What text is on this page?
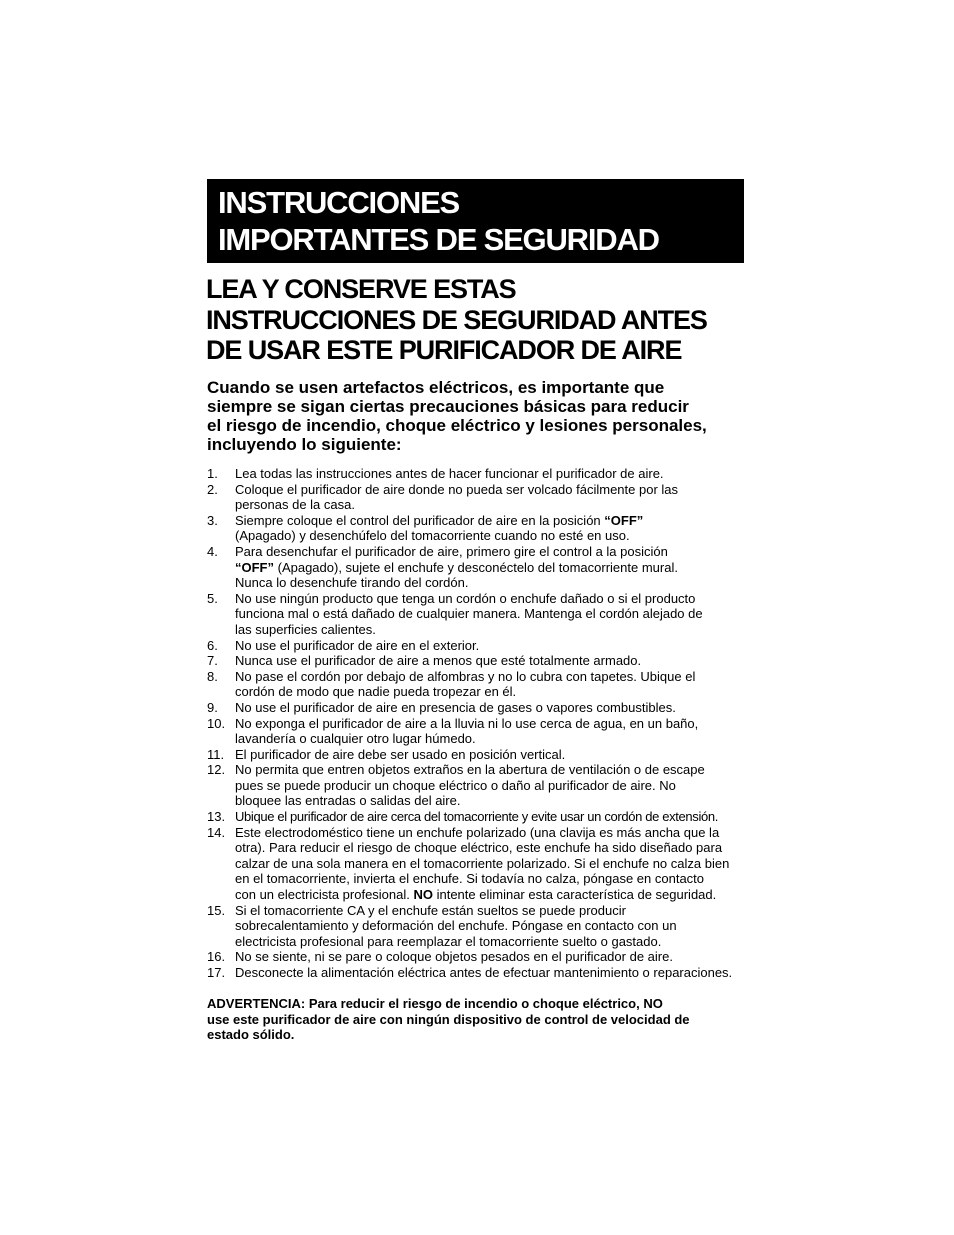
INSTRUCCIONES
IMPORTANTES DE SEGURIDAD
LEA Y CONSERVE ESTAS
INSTRUCCIONES DE SEGURIDAD ANTES
DE USAR ESTE PURIFICADOR DE AIRE
Cuando se usen artefactos eléctricos, es importante que
siempre se sigan ciertas precauciones básicas para reducir
el riesgo de incendio, choque eléctrico y lesiones personales,
incluyendo lo siguiente:
1. Lea todas las instrucciones antes de hacer funcionar el purificador de aire.
2. Coloque el purificador de aire donde no pueda ser volcado fácilmente por las
personas de la casa.
3. Siempre coloque el control del purificador de aire en la posición “OFF”
(Apagado) y desenchúfelo del tomacorriente cuando no esté en uso.
4. Para desenchufar el purificador de aire, primero gire el control a la posición
“OFF” (Apagado), sujete el enchufe y desconéctelo del tomacorriente mural.
Nunca lo desenchufe tirando del cordón.
5. No use ningún producto que tenga un cordón o enchufe dañado o si el producto
funciona mal o está dañado de cualquier manera. Mantenga el cordón alejado de
las superficies calientes.
6. No use el purificador de aire en el exterior.
7. Nunca use el purificador de aire a menos que esté totalmente armado.
8. No pase el cordón por debajo de alfombras y no lo cubra con tapetes. Ubique el
cordón de modo que nadie pueda tropezar en él.
9. No use el purificador de aire en presencia de gases o vapores combustibles.
10. No exponga el purificador de aire a la lluvia ni lo use cerca de agua, en un baño,
lavandería o cualquier otro lugar húmedo.
11. El purificador de aire debe ser usado en posición vertical.
12. No permita que entren objetos extraños en la abertura de ventilación o de escape
pues se puede producir un choque eléctrico o daño al purificador de aire. No
bloquee las entradas o salidas del aire.
13. Ubique el purificador de aire cerca del tomacorriente y evite usar un cordón de extensión.
14. Este electrodoméstico tiene un enchufe polarizado (una clavija es más ancha que la
otra). Para reducir el riesgo de choque eléctrico, este enchufe ha sido diseñado para
calzar de una sola manera en el tomacorriente polarizado. Si el enchufe no calza bien
en el tomacorriente, invierta el enchufe. Si todavía no calza, póngase en contacto
con un electricista profesional. NO intente eliminar esta característica de seguridad.
15. Si el tomacorriente CA y el enchufe están sueltos se puede producir
sobrecalentamiento y deformación del enchufe. Póngase en contacto con un
electricista profesional para reemplazar el tomacorriente suelto o gastado.
16. No se siente, ni se pare o coloque objetos pesados en el purificador de aire.
17. Desconecte la alimentación eléctrica antes de efectuar mantenimiento o reparaciones.
ADVERTENCIA: Para reducir el riesgo de incendio o choque eléctrico, NO
use este purificador de aire con ningún dispositivo de control de velocidad de
estado sólido.
